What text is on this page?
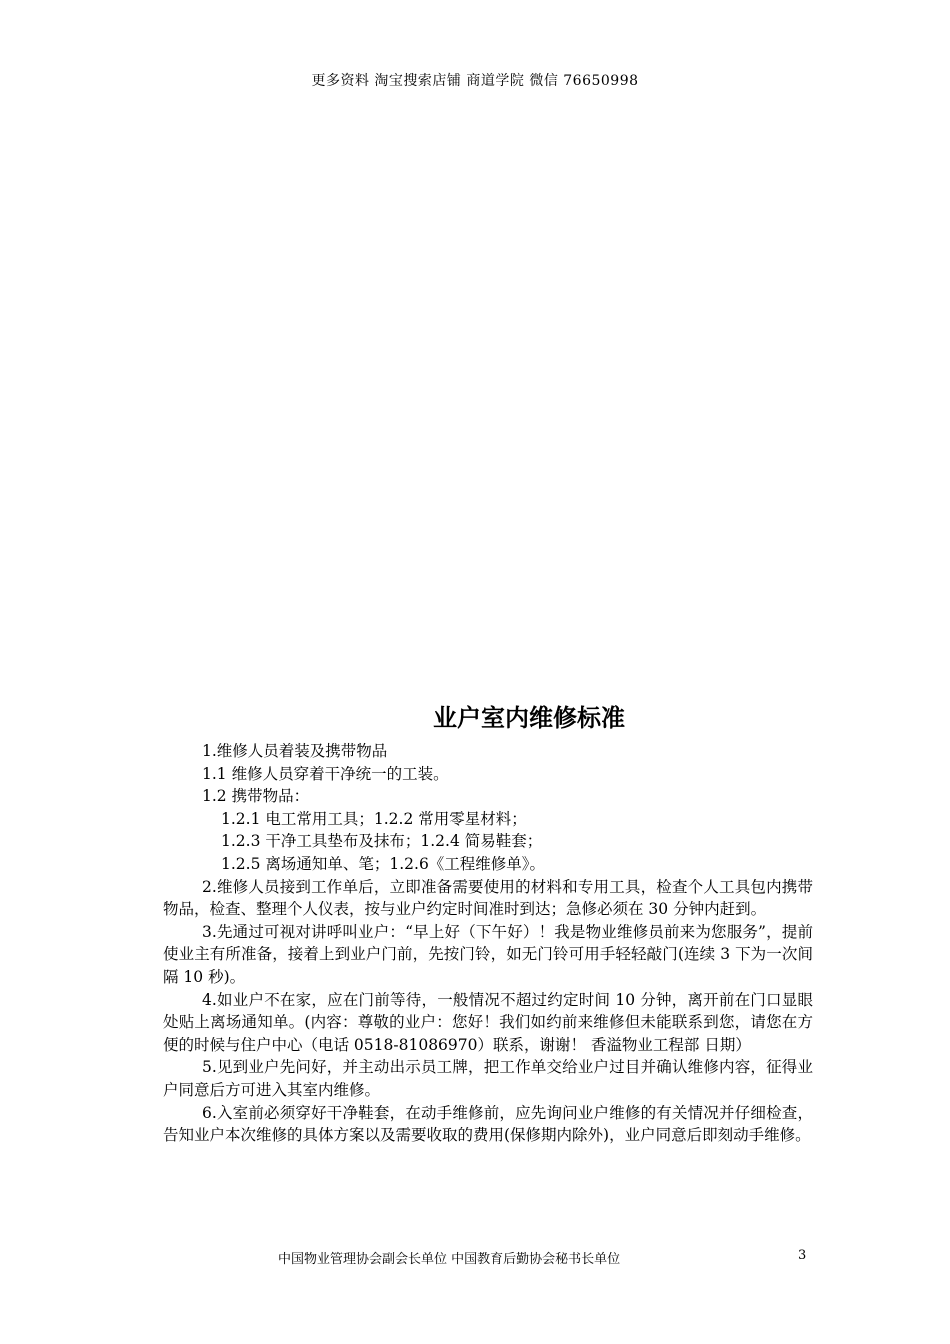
更多资料 淘宝搜索店铺 商道学院 微信 76650998
业户室内维修标准

1.维修人员着装及携带物品

1.1 维修人员穿着干净统一的工装。

1.2 携带物品：

1.2.1 电工常用工具；1.2.2 常用零星材料；

1.2.3 干净工具垫布及抹布；1.2.4 简易鞋套；

1.2.5 离场通知单、笔；1.2.6《工程维修单》。

2.维修人员接到工作单后，立即准备需要使用的材料和专用工具，检查个人工具包内携带物品，检查、整理个人仪表，按与业户约定时间准时到达；急修必须在 30 分钟内赶到。

3.先通过可视对讲呼叫业户：“早上好（下午好）！我是物业维修员前来为您服务”，提前使业主有所准备，接着上到业户门前，先按门铃，如无门铃可用手轻轻敲门(连续 3 下为一次间隔 10 秒)。

4.如业户不在家，应在门前等待，一般情况不超过约定时间 10 分钟，离开前在门口显眼处贴上离场通知单。(内容：尊敬的业户：您好！我们如约前来维修但未能联系到您，请您在方便的时候与住户中心（电话 0518-81086970）联系，谢谢！ 香溢物业工程部 日期）

5.见到业户先问好，并主动出示员工牌，把工作单交给业户过目并确认维修内容，征得业户同意后方可进入其室内维修。

6.入室前必须穿好干净鞋套，在动手维修前，应先询问业户维修的有关情况并仔细检查，告知业户本次维修的具体方案以及需要收取的费用(保修期内除外)，业户同意后即刻动手维修。

中国物业管理协会副会长单位 中国教育后勤协会秘书长单位	3
